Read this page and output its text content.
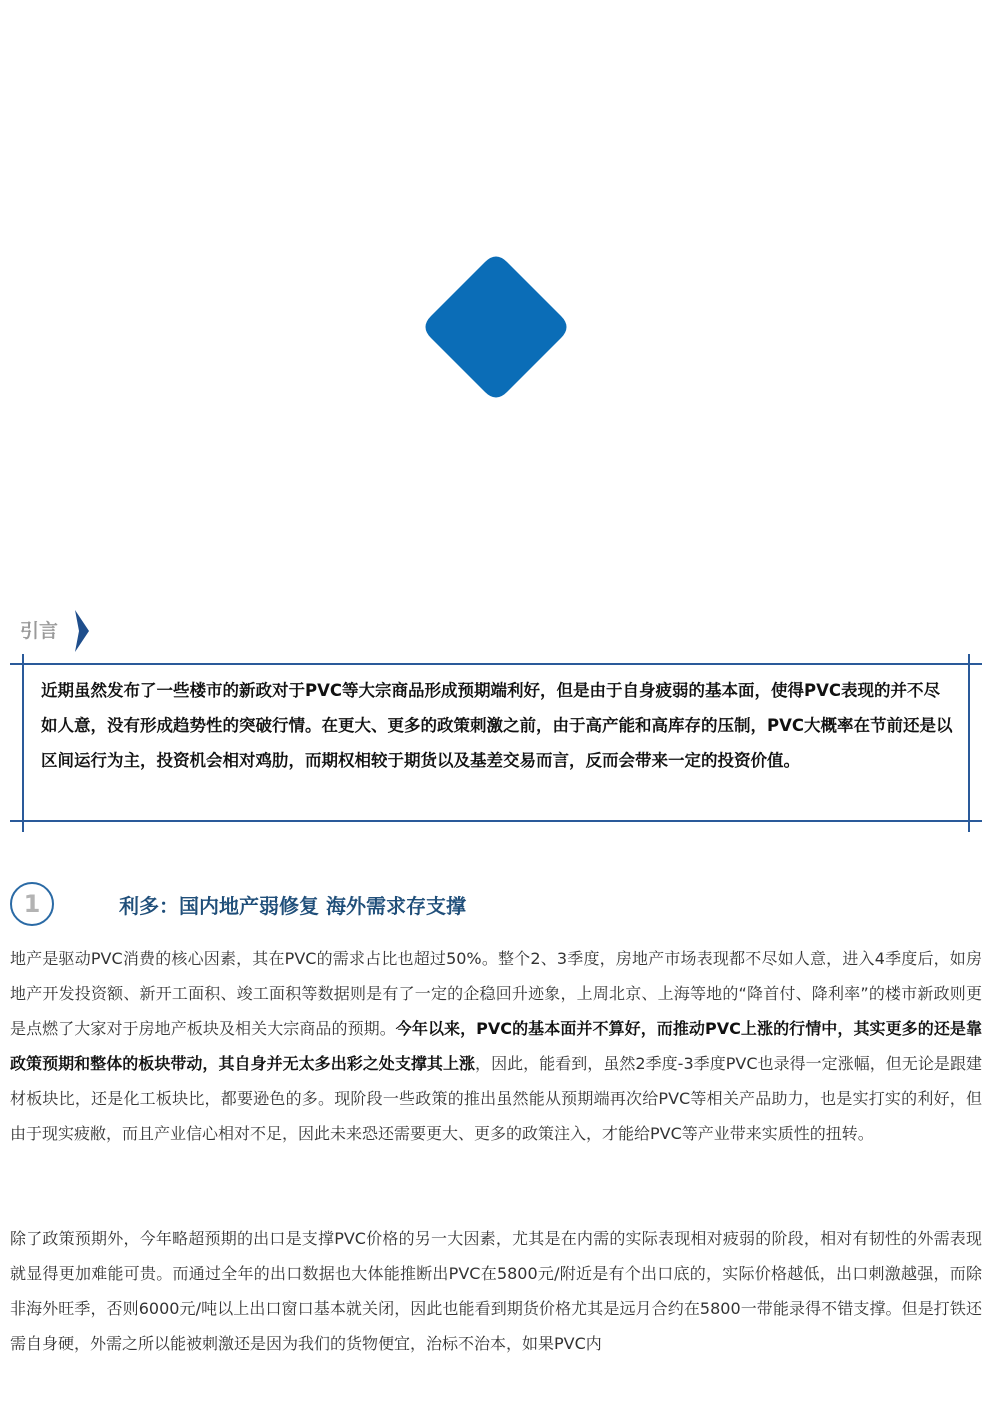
引言
近期虽然发布了一些楼市的新政对于PVC等大宗商品形成预期端利好，但是由于自身疲弱的基本面，使得PVC表现的并不尽如人意，没有形成趋势性的突破行情。在更大、更多的政策刺激之前，由于高产能和高库存的压制，PVC大概率在节前还是以区间运行为主，投资机会相对鸡肋，而期权相较于期货以及基差交易而言，反而会带来一定的投资价值。
1	利多：国内地产弱修复 海外需求存支撑

地产是驱动PVC消费的核心因素，其在PVC的需求占比也超过50%。整个2、3季度，房地产市场表现都不尽如人意，进入4季度后，如房地产开发投资额、新开工面积、竣工面积等数据则是有了一定的企稳回升迹象，上周北京、上海等地的“降首付、降利率”的楼市新政则更是点燃了大家对于房地产板块及相关大宗商品的预期。今年以来，PVC的基本面并不算好，而推动PVC上涨的行情中，其实更多的还是靠政策预期和整体的板块带动，其自身并无太多出彩之处支撑其上涨，因此，能看到，虽然2季度-3季度PVC也录得一定涨幅，但无论是跟建材板块比，还是化工板块比，都要逊色的多。现阶段一些政策的推出虽然能从预期端再次给PVC等相关产品助力，也是实打实的利好，但由于现实疲敝，而且产业信心相对不足，因此未来恐还需要更大、更多的政策注入，才能给PVC等产业带来实质性的扭转。

除了政策预期外，今年略超预期的出口是支撑PVC价格的另一大因素，尤其是在内需的实际表现相对疲弱的阶段，相对有韧性的外需表现就显得更加难能可贵。而通过全年的出口数据也大体能推断出PVC在5800元/附近是有个出口底的，实际价格越低，出口刺激越强，而除非海外旺季，否则6000元/吨以上出口窗口基本就关闭，因此也能看到期货价格尤其是远月合约在5800一带能录得不错支撑。但是打铁还需自身硬，外需之所以能被刺激还是因为我们的货物便宜，治标不治本，如果PVC内
